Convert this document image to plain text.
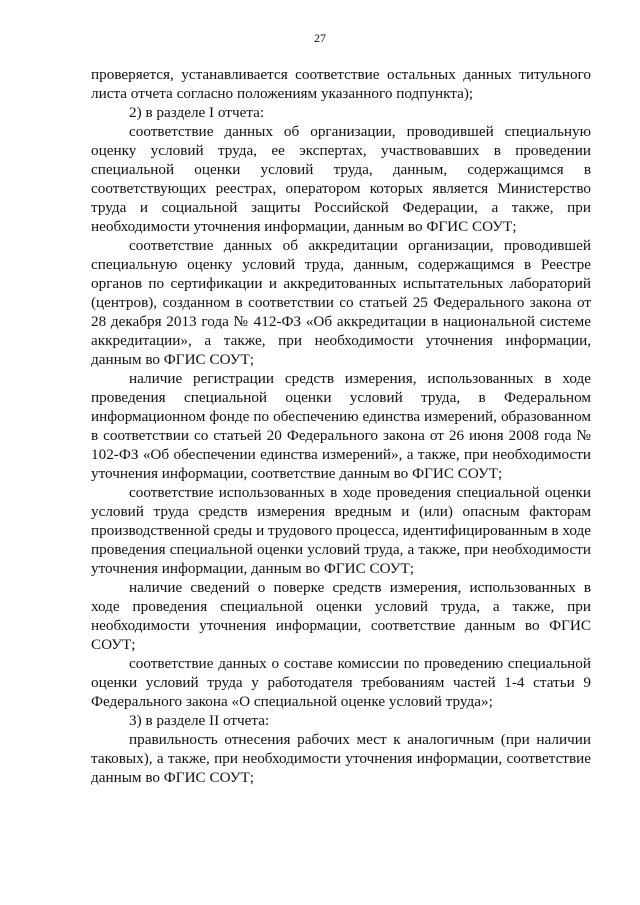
27

проверяется, устанавливается соответствие остальных данных титульного листа отчета согласно положениям указанного подпункта);

2) в разделе I отчета:

соответствие данных об организации, проводившей специальную оценку условий труда, ее экспертах, участвовавших в проведении специальной оценки условий труда, данным, содержащимся в соответствующих реестрах, оператором которых является Министерство труда и социальной защиты Российской Федерации, а также, при необходимости уточнения информации, данным во ФГИС СОУТ;

соответствие данных об аккредитации организации, проводившей специальную оценку условий труда, данным, содержащимся в Реестре органов по сертификации и аккредитованных испытательных лабораторий (центров), созданном в соответствии со статьей 25 Федерального закона от 28 декабря 2013 года № 412-ФЗ «Об аккредитации в национальной системе аккредитации», а также, при необходимости уточнения информации, данным во ФГИС СОУТ;

наличие регистрации средств измерения, использованных в ходе проведения специальной оценки условий труда, в Федеральном информационном фонде по обеспечению единства измерений, образованном в соответствии со статьей 20 Федерального закона от 26 июня 2008 года № 102-ФЗ «Об обеспечении единства измерений», а также, при необходимости уточнения информации, соответствие данным во ФГИС СОУТ;

соответствие использованных в ходе проведения специальной оценки условий труда средств измерения вредным и (или) опасным факторам производственной среды и трудового процесса, идентифицированным в ходе проведения специальной оценки условий труда, а также, при необходимости уточнения информации, данным во ФГИС СОУТ;

наличие сведений о поверке средств измерения, использованных в ходе проведения специальной оценки условий труда, а также, при необходимости уточнения информации, соответствие данным во ФГИС СОУТ;

соответствие данных о составе комиссии по проведению специальной оценки условий труда у работодателя требованиям частей 1-4 статьи 9 Федерального закона «О специальной оценке условий труда»;

3) в разделе II отчета:

правильность отнесения рабочих мест к аналогичным (при наличии таковых), а также, при необходимости уточнения информации, соответствие данным во ФГИС СОУТ;
